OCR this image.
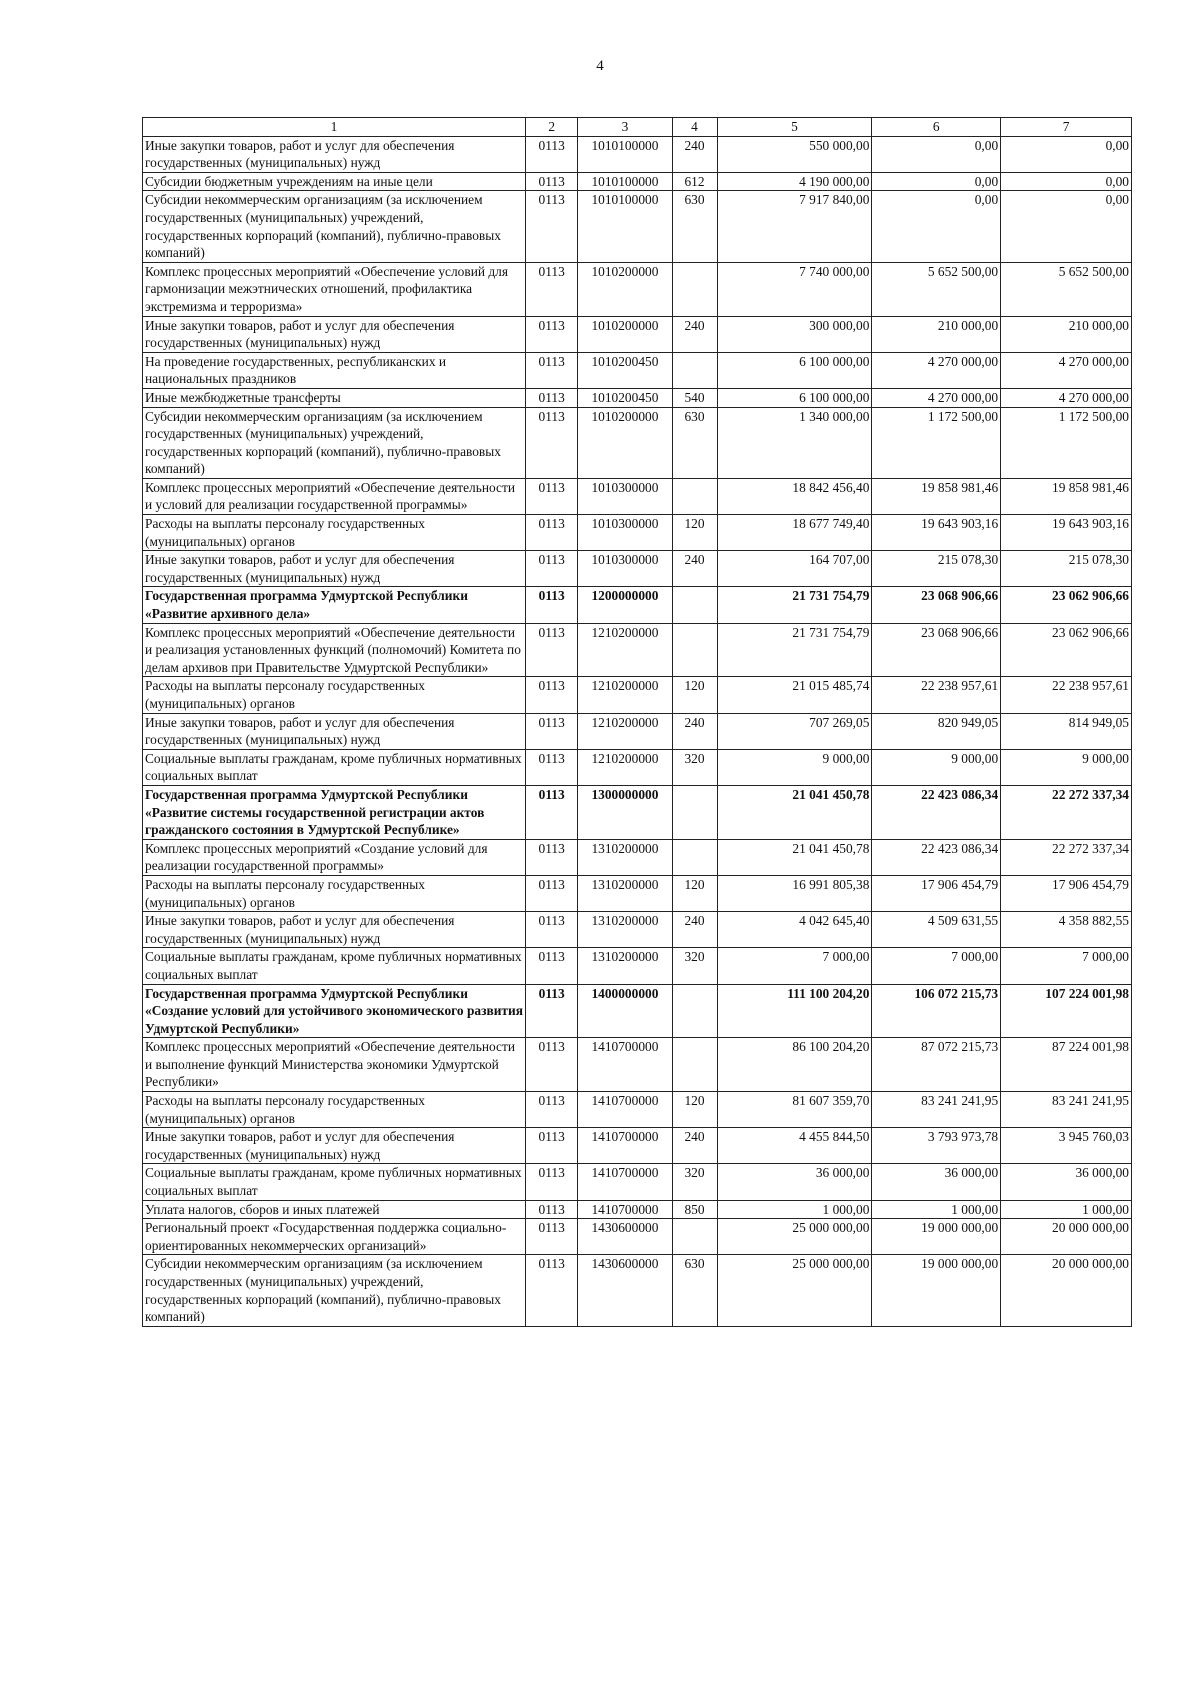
4
1	2	3	4	5	6	7
Иные закупки товаров, работ и услуг для обеспечения государственных (муниципальных) нужд	0113	1010100000	240	550 000,00	0,00	0,00
Субсидии бюджетным учреждениям на иные цели	0113	1010100000	612	4 190 000,00	0,00	0,00
Субсидии некоммерческим организациям (за исключением государственных (муниципальных) учреждений, государственных корпораций (компаний), публично-правовых компаний)	0113	1010100000	630	7 917 840,00	0,00	0,00
Комплекс процессных мероприятий «Обеспечение условий для гармонизации межэтнических отношений, профилактика экстремизма и терроризма»	0113	1010200000		7 740 000,00	5 652 500,00	5 652 500,00
Иные закупки товаров, работ и услуг для обеспечения государственных (муниципальных) нужд	0113	1010200000	240	300 000,00	210 000,00	210 000,00
На проведение государственных, республиканских и национальных праздников	0113	1010200450		6 100 000,00	4 270 000,00	4 270 000,00
Иные межбюджетные трансферты	0113	1010200450	540	6 100 000,00	4 270 000,00	4 270 000,00
Субсидии некоммерческим организациям (за исключением государственных (муниципальных) учреждений, государственных корпораций (компаний), публично-правовых компаний)	0113	1010200000	630	1 340 000,00	1 172 500,00	1 172 500,00
Комплекс процессных мероприятий «Обеспечение деятельности и условий для реализации государственной программы»	0113	1010300000		18 842 456,40	19 858 981,46	19 858 981,46
Расходы на выплаты персоналу государственных (муниципальных) органов	0113	1010300000	120	18 677 749,40	19 643 903,16	19 643 903,16
Иные закупки товаров, работ и услуг для обеспечения государственных (муниципальных) нужд	0113	1010300000	240	164 707,00	215 078,30	215 078,30
Государственная программа Удмуртской Республики «Развитие архивного дела»	0113	1200000000		21 731 754,79	23 068 906,66	23 062 906,66
Комплекс процессных мероприятий «Обеспечение деятельности и реализация установленных функций (полномочий) Комитета по делам архивов при Правительстве Удмуртской Республики»	0113	1210200000		21 731 754,79	23 068 906,66	23 062 906,66
Расходы на выплаты персоналу государственных (муниципальных) органов	0113	1210200000	120	21 015 485,74	22 238 957,61	22 238 957,61
Иные закупки товаров, работ и услуг для обеспечения государственных (муниципальных) нужд	0113	1210200000	240	707 269,05	820 949,05	814 949,05
Социальные выплаты гражданам, кроме публичных нормативных социальных выплат	0113	1210200000	320	9 000,00	9 000,00	9 000,00
Государственная программа Удмуртской Республики «Развитие системы государственной регистрации актов гражданского состояния в Удмуртской Республике»	0113	1300000000		21 041 450,78	22 423 086,34	22 272 337,34
Комплекс процессных мероприятий «Создание условий для реализации государственной программы»	0113	1310200000		21 041 450,78	22 423 086,34	22 272 337,34
Расходы на выплаты персоналу государственных (муниципальных) органов	0113	1310200000	120	16 991 805,38	17 906 454,79	17 906 454,79
Иные закупки товаров, работ и услуг для обеспечения государственных (муниципальных) нужд	0113	1310200000	240	4 042 645,40	4 509 631,55	4 358 882,55
Социальные выплаты гражданам, кроме публичных нормативных социальных выплат	0113	1310200000	320	7 000,00	7 000,00	7 000,00
Государственная программа Удмуртской Республики «Создание условий для устойчивого экономического развития Удмуртской Республики»	0113	1400000000		111 100 204,20	106 072 215,73	107 224 001,98
Комплекс процессных мероприятий «Обеспечение деятельности и выполнение функций Министерства экономики Удмуртской Республики»	0113	1410700000		86 100 204,20	87 072 215,73	87 224 001,98
Расходы на выплаты персоналу государственных (муниципальных) органов	0113	1410700000	120	81 607 359,70	83 241 241,95	83 241 241,95
Иные закупки товаров, работ и услуг для обеспечения государственных (муниципальных) нужд	0113	1410700000	240	4 455 844,50	3 793 973,78	3 945 760,03
Социальные выплаты гражданам, кроме публичных нормативных социальных выплат	0113	1410700000	320	36 000,00	36 000,00	36 000,00
Уплата налогов, сборов и иных платежей	0113	1410700000	850	1 000,00	1 000,00	1 000,00
Региональный проект «Государственная поддержка социально-ориентированных некоммерческих организаций»	0113	1430600000		25 000 000,00	19 000 000,00	20 000 000,00
Субсидии некоммерческим организациям (за исключением государственных (муниципальных) учреждений, государственных корпораций (компаний), публично-правовых компаний)	0113	1430600000	630	25 000 000,00	19 000 000,00	20 000 000,00
